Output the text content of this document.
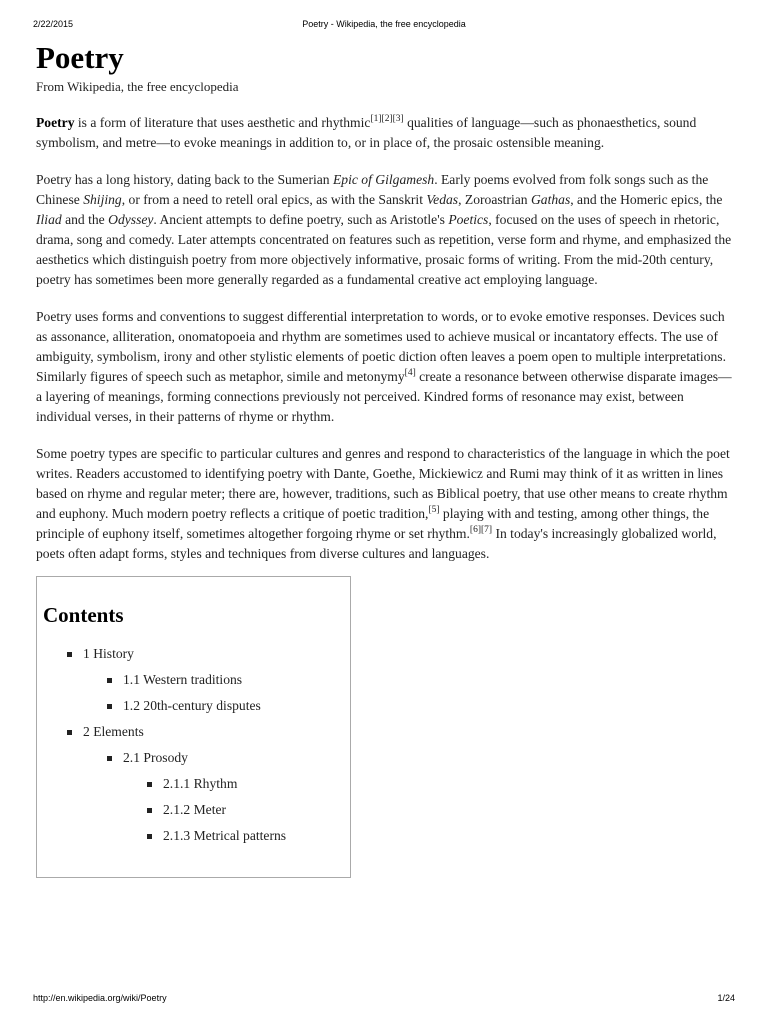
2/22/2015	Poetry - Wikipedia, the free encyclopedia
Poetry
From Wikipedia, the free encyclopedia

Poetry is a form of literature that uses aesthetic and rhythmic[1][2][3] qualities of language—such as phonaesthetics, sound symbolism, and metre—to evoke meanings in addition to, or in place of, the prosaic ostensible meaning.

Poetry has a long history, dating back to the Sumerian Epic of Gilgamesh. Early poems evolved from folk songs such as the Chinese Shijing, or from a need to retell oral epics, as with the Sanskrit Vedas, Zoroastrian Gathas, and the Homeric epics, the Iliad and the Odyssey. Ancient attempts to define poetry, such as Aristotle's Poetics, focused on the uses of speech in rhetoric, drama, song and comedy. Later attempts concentrated on features such as repetition, verse form and rhyme, and emphasized the aesthetics which distinguish poetry from more objectively informative, prosaic forms of writing. From the mid-20th century, poetry has sometimes been more generally regarded as a fundamental creative act employing language.

Poetry uses forms and conventions to suggest differential interpretation to words, or to evoke emotive responses. Devices such as assonance, alliteration, onomatopoeia and rhythm are sometimes used to achieve musical or incantatory effects. The use of ambiguity, symbolism, irony and other stylistic elements of poetic diction often leaves a poem open to multiple interpretations. Similarly figures of speech such as metaphor, simile and metonymy[4] create a resonance between otherwise disparate images—a layering of meanings, forming connections previously not perceived. Kindred forms of resonance may exist, between individual verses, in their patterns of rhyme or rhythm.

Some poetry types are specific to particular cultures and genres and respond to characteristics of the language in which the poet writes. Readers accustomed to identifying poetry with Dante, Goethe, Mickiewicz and Rumi may think of it as written in lines based on rhyme and regular meter; there are, however, traditions, such as Biblical poetry, that use other means to create rhythm and euphony. Much modern poetry reflects a critique of poetic tradition,[5] playing with and testing, among other things, the principle of euphony itself, sometimes altogether forgoing rhyme or set rhythm.[6][7] In today's increasingly globalized world, poets often adapt forms, styles and techniques from diverse cultures and languages.

Contents
1 History
1.1 Western traditions
1.2 20th-century disputes
2 Elements
2.1 Prosody
2.1.1 Rhythm
2.1.2 Meter
2.1.3 Metrical patterns
http://en.wikipedia.org/wiki/Poetry	1/24
